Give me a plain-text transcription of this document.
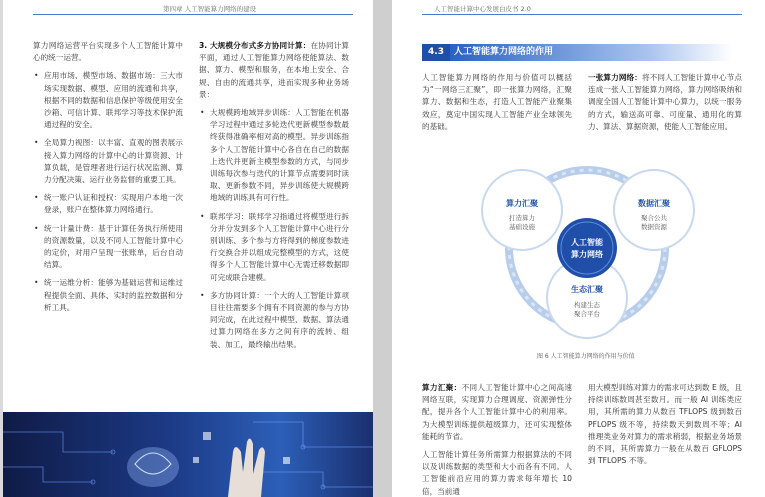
第四章 人工智能算力网络的建设

算力网络运营平台实现多个人工智能计算中心的统一运营。

• 应用市场、模型市场、数据市场：三大市场实现数据、模型、应用的流通和共享，根据不同的数据和信息保护等级使用安全沙箱、可信计算、联邦学习等技术保护流通过程的安全。
• 全局算力视图：以丰富、直观的图表展示接入算力网络的计算中心的计算资源、计算负载，是管理者进行运行状况监测、算力分配决策、运行业务监督的重要工具。
• 统一账户认证和授权：实现用户本地一次登录，账户在整体算力网络通行。
• 统一计量计费：基于计算任务执行所使用的资源数量，以及不同人工智能计算中心的定价，对用户呈现一张账单，后台自动结算。
• 统一运维分析：能够为基础运营和运维过程提供全面、具体、实时的监控数据和分析工具。

3. 大规模分布式多方协同计算：在协同计算平面，通过人工智能算力网络使能算法、数据、算力、模型和服务，在本地上安全、合规、自由的流通共享，进而实现多种业务场景：

• 大规模跨地域异步训练：人工智能在机器学习过程中通过多轮迭代更新模型参数最终获得准确率相对高的模型。异步训练指多个人工智能计算中心各自在自己的数据上迭代并更新主模型参数的方式，与同步训练每次参与迭代的计算节点需要同时读取、更新参数不同，异步训练使大规模跨地域的训练具有可行性。
• 联邦学习：联邦学习指通过将模型进行拆分并分发到多个人工智能计算中心进行分别训练、多个参与方将得到的梯度参数进行交换合并以组成完整模型的方式，这使得多个人工智能计算中心无需迁移数据即可完成联合建模。
• 多方协同计算：一个大的人工智能计算项目往往需要多个拥有不同资源的参与方协同完成，在此过程中模型、数据、算法通过算力网络在多方之间有序的流转、组装、加工，最终输出结果。
人工智能计算中心发展白皮书 2.0
4.3	人工智能算力网络的作用

人工智能算力网络的作用与价值可以概括为“一网络三汇聚”，即一张算力网络，汇聚算力、数据和生态，打造人工智能产业聚集效应，奠定中国实现人工智能产业全球领先的基础。

一张算力网络：将不同人工智能计算中心节点连成一张人工智能算力网络，算力网络吸纳和调度全国人工智能计算中心算力，以统一服务的方式，输送高可靠、可度量、通用化的算力、算法、算据资源，使能人工智能应用。

算力汇聚
打造算力
基础设施
数据汇聚
聚合公共
数据资源
生态汇聚
构建生态
聚合平台
人工智能
算力网络
图 6 人工智能算力网络的作用与价值

算力汇聚：不同人工智能计算中心之间高速网络互联，实现算力合理调度、资源弹性分配，提升各个人工智能计算中心的利用率。为大模型训练提供超级算力，还可实现整体能耗的节省。

人工智能计算任务所需算力根据算法的不同以及训练数据的类型和大小而各有不同。人工智能前沿应用的算力需求每年增长 10 倍，当前通

用大模型训练对算力的需求可达到数 E 级，且持续训练数周甚至数月。而一般 AI 训练类应用，其所需的算力从数百 TFLOPS 级到数百 PFLOPS 级不等，持续数天到数周不等；AI 推理类业务对算力的需求稍弱，根据业务场景的不同，其所需算力一般在从数百 GFLOPS 到 TFLOPS 不等。
